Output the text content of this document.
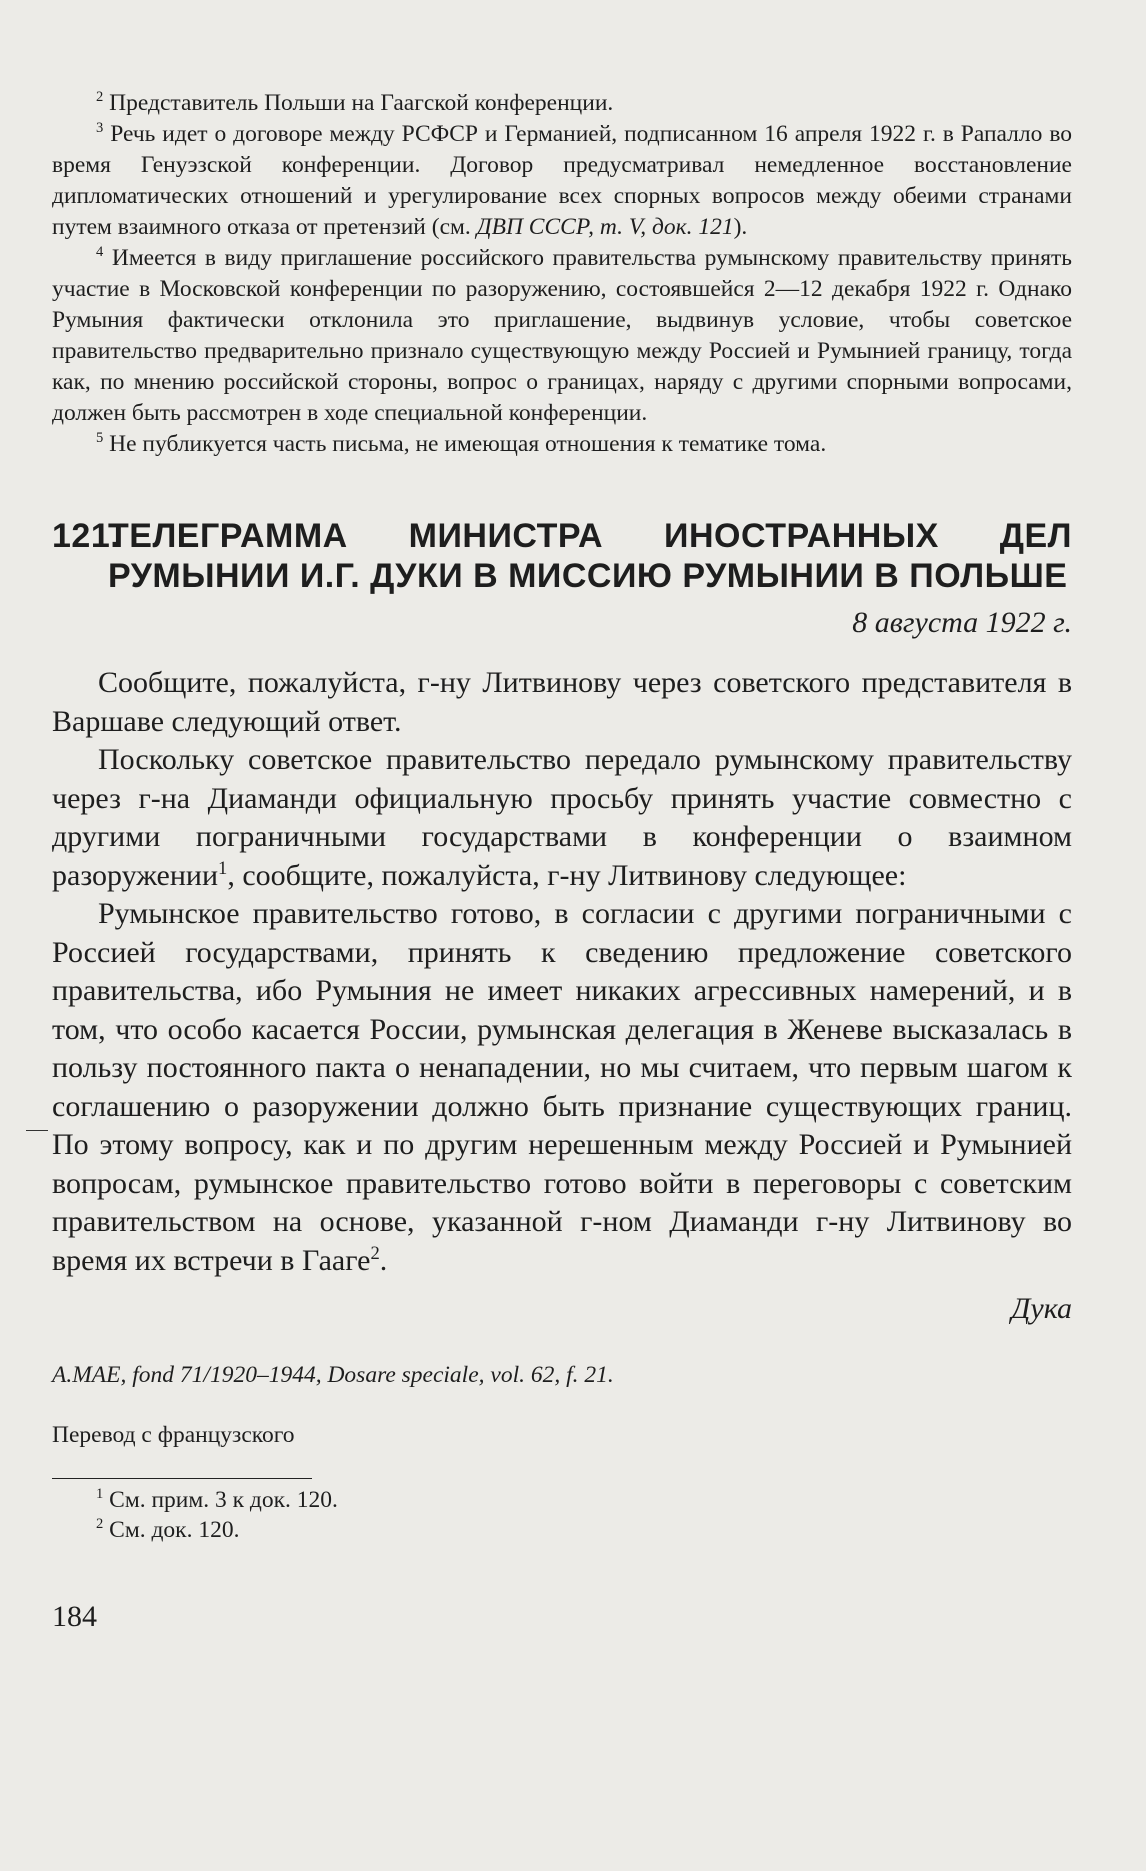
$^2$ Представитель Польши на Гаагской конференции.

$^3$ Речь идет о договоре между РСФСР и Германией, подписанном 16 апреля 1922 г. в Рапалло во время Генуэзской конференции. Договор предусматривал немедленное восстановление дипломатических отношений и урегулирование всех спорных вопросов между обеими странами путем взаимного отказа от претензий (см. ДВП СССР, т. V, док. 121).

$^4$ Имеется в виду приглашение российского правительства румынскому правительству принять участие в Московской конференции по разоружению, состоявшейся 2—12 декабря 1922 г. Однако Румыния фактически отклонила это приглашение, выдвинув условие, чтобы советское правительство предварительно признало существующую между Россией и Румынией границу, тогда как, по мнению российской стороны, вопрос о границах, наряду с другими спорными вопросами, должен быть рассмотрен в ходе специальной конференции.

$^5$ Не публикуется часть письма, не имеющая отношения к тематике тома.

121.ТЕЛЕГРАММА МИНИСТРА ИНОСТРАННЫХ ДЕЛ РУМЫНИИ И.Г. ДУКИ В МИССИЮ РУМЫНИИ В ПОЛЬШЕ

8 августа 1922 г.

Сообщите, пожалуйста, г-ну Литвинову через советского представителя в Варшаве следующий ответ.

Поскольку советское правительство передало румынскому правительству через г-на Диаманди официальную просьбу принять участие совместно с другими пограничными государствами в конференции о взаимном разоружении$^1$, сообщите, пожалуйста, г-ну Литвинову следующее:

Румынское правительство готово, в согласии с другими пограничными с Россией государствами, принять к сведению предложение советского правительства, ибо Румыния не имеет никаких агрессивных намерений, и в том, что особо касается России, румынская делегация в Женеве высказалась в пользу постоянного пакта о ненападении, но мы считаем, что первым шагом к соглашению о разоружении должно быть признание существующих границ. По этому вопросу, как и по другим нерешенным между Россией и Румынией вопросам, румынское правительство готово войти в переговоры с советским правительством на основе, указанной г-ном Диаманди г-ну Литвинову во время их встречи в Гааге$^2$.

Дука

A.MAE, fond 71/1920–1944, Dosare speciale, vol. 62, f. 21.

Перевод с французского

$^1$ См. прим. 3 к док. 120.

$^2$ См. док. 120.

184
